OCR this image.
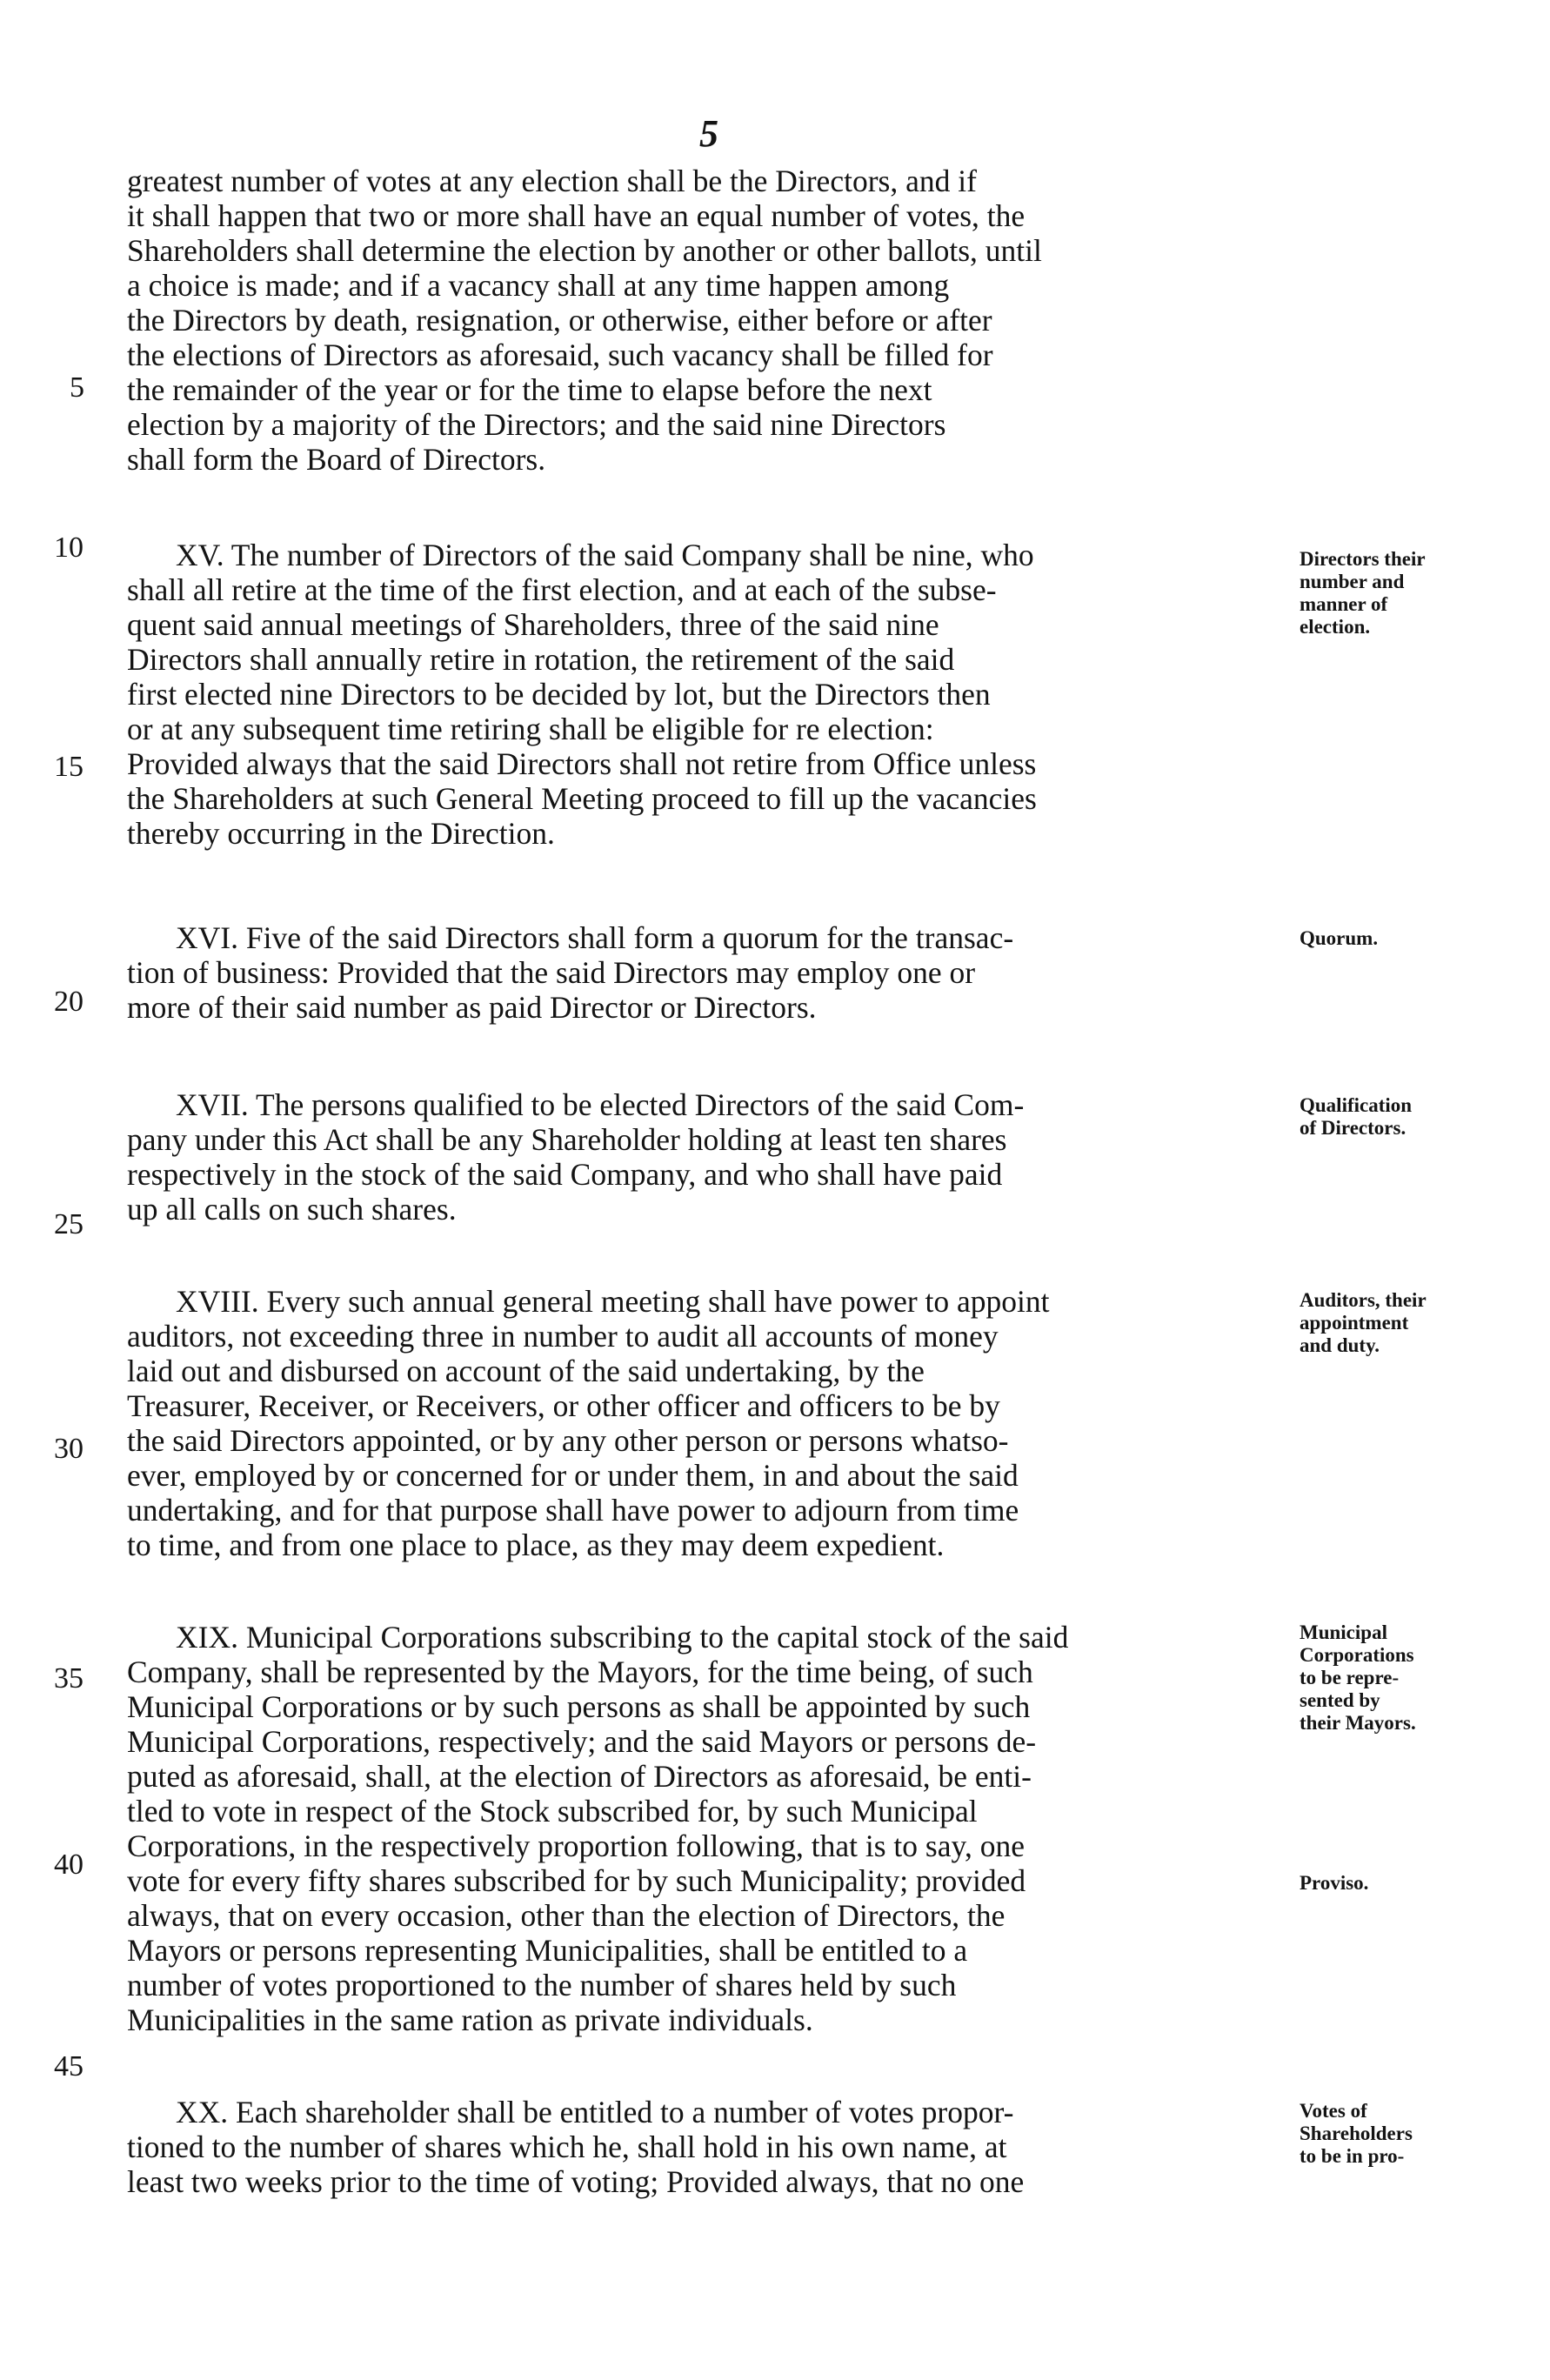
5
greatest number of votes at any election shall be the Directors, and if
it shall happen that two or more shall have an equal number of votes, the
Shareholders shall determine the election by another or other ballots, until
a choice is made; and if a vacancy shall at any time happen among
the Directors by death, resignation, or otherwise, either before or after
the elections of Directors as aforesaid, such vacancy shall be filled for
the remainder of the year or for the time to elapse before the next
election by a majority of the Directors; and the said nine Directors
shall form the Board of Directors.
XV. The number of Directors of the said Company shall be nine, who
shall all retire at the time of the first election, and at each of the subse-
quent said annual meetings of Shareholders, three of the said nine
Directors shall annually retire in rotation, the retirement of the said
first elected nine Directors to be decided by lot, but the Directors then
or at any subsequent time retiring shall be eligible for re election:
Provided always that the said Directors shall not retire from Office unless
the Shareholders at such General Meeting proceed to fill up the vacancies
thereby occurring in the Direction.
XVI. Five of the said Directors shall form a quorum for the transac-
tion of business: Provided that the said Directors may employ one or
more of their said number as paid Director or Directors.
XVII. The persons qualified to be elected Directors of the said Com-
pany under this Act shall be any Shareholder holding at least ten shares
respectively in the stock of the said Company, and who shall have paid
up all calls on such shares.
XVIII. Every such annual general meeting shall have power to appoint
auditors, not exceeding three in number to audit all accounts of money
laid out and disbursed on account of the said undertaking, by the
Treasurer, Receiver, or Receivers, or other officer and officers to be by
the said Directors appointed, or by any other person or persons whatso-
ever, employed by or concerned for or under them, in and about the said
undertaking, and for that purpose shall have power to adjourn from time
to time, and from one place to place, as they may deem expedient.
XIX. Municipal Corporations subscribing to the capital stock of the said
Company, shall be represented by the Mayors, for the time being, of such
Municipal Corporations or by such persons as shall be appointed by such
Municipal Corporations, respectively; and the said Mayors or persons de-
puted as aforesaid, shall, at the election of Directors as aforesaid, be enti-
tled to vote in respect of the Stock subscribed for, by such Municipal
Corporations, in the respectively proportion following, that is to say, one
vote for every fifty shares subscribed for by such Municipality; provided
always, that on every occasion, other than the election of Directors, the
Mayors or persons representing Municipalities, shall be entitled to a
number of votes proportioned to the number of shares held by such
Municipalities in the same ration as private individuals.
XX. Each shareholder shall be entitled to a number of votes propor-
tioned to the number of shares which he, shall hold in his own name, at
least two weeks prior to the time of voting; Provided always, that no one
5
10
15
20
25
30
35
40
45
Directors their
number and
manner of
election.
Quorum.
Qualification
of Directors.
Auditors, their
appointment
and duty.
Municipal
Corporations
to be repre-
sented by
their Mayors.
Proviso.
Votes of
Shareholders
to be in pro-
